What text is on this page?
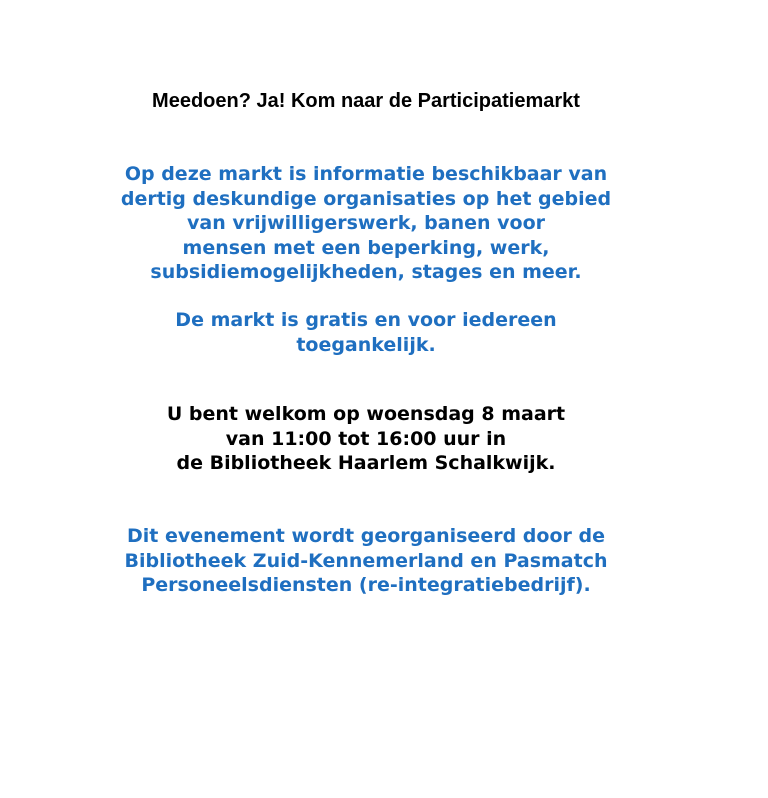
Meedoen? Ja! Kom naar de Participatiemarkt
Op deze markt is informatie beschikbaar van
dertig deskundige organisaties op het gebied
van vrijwilligerswerk, banen voor
mensen met een beperking, werk,
subsidiemogelijkheden, stages en meer.
De markt is gratis en voor iedereen
toegankelijk.
U bent welkom op woensdag 8 maart
van 11:00 tot 16:00 uur in
de Bibliotheek Haarlem Schalkwijk.
Dit evenement wordt georganiseerd door de
Bibliotheek Zuid-Kennemerland en Pasmatch
Personeelsdiensten (re-integratiebedrijf).
